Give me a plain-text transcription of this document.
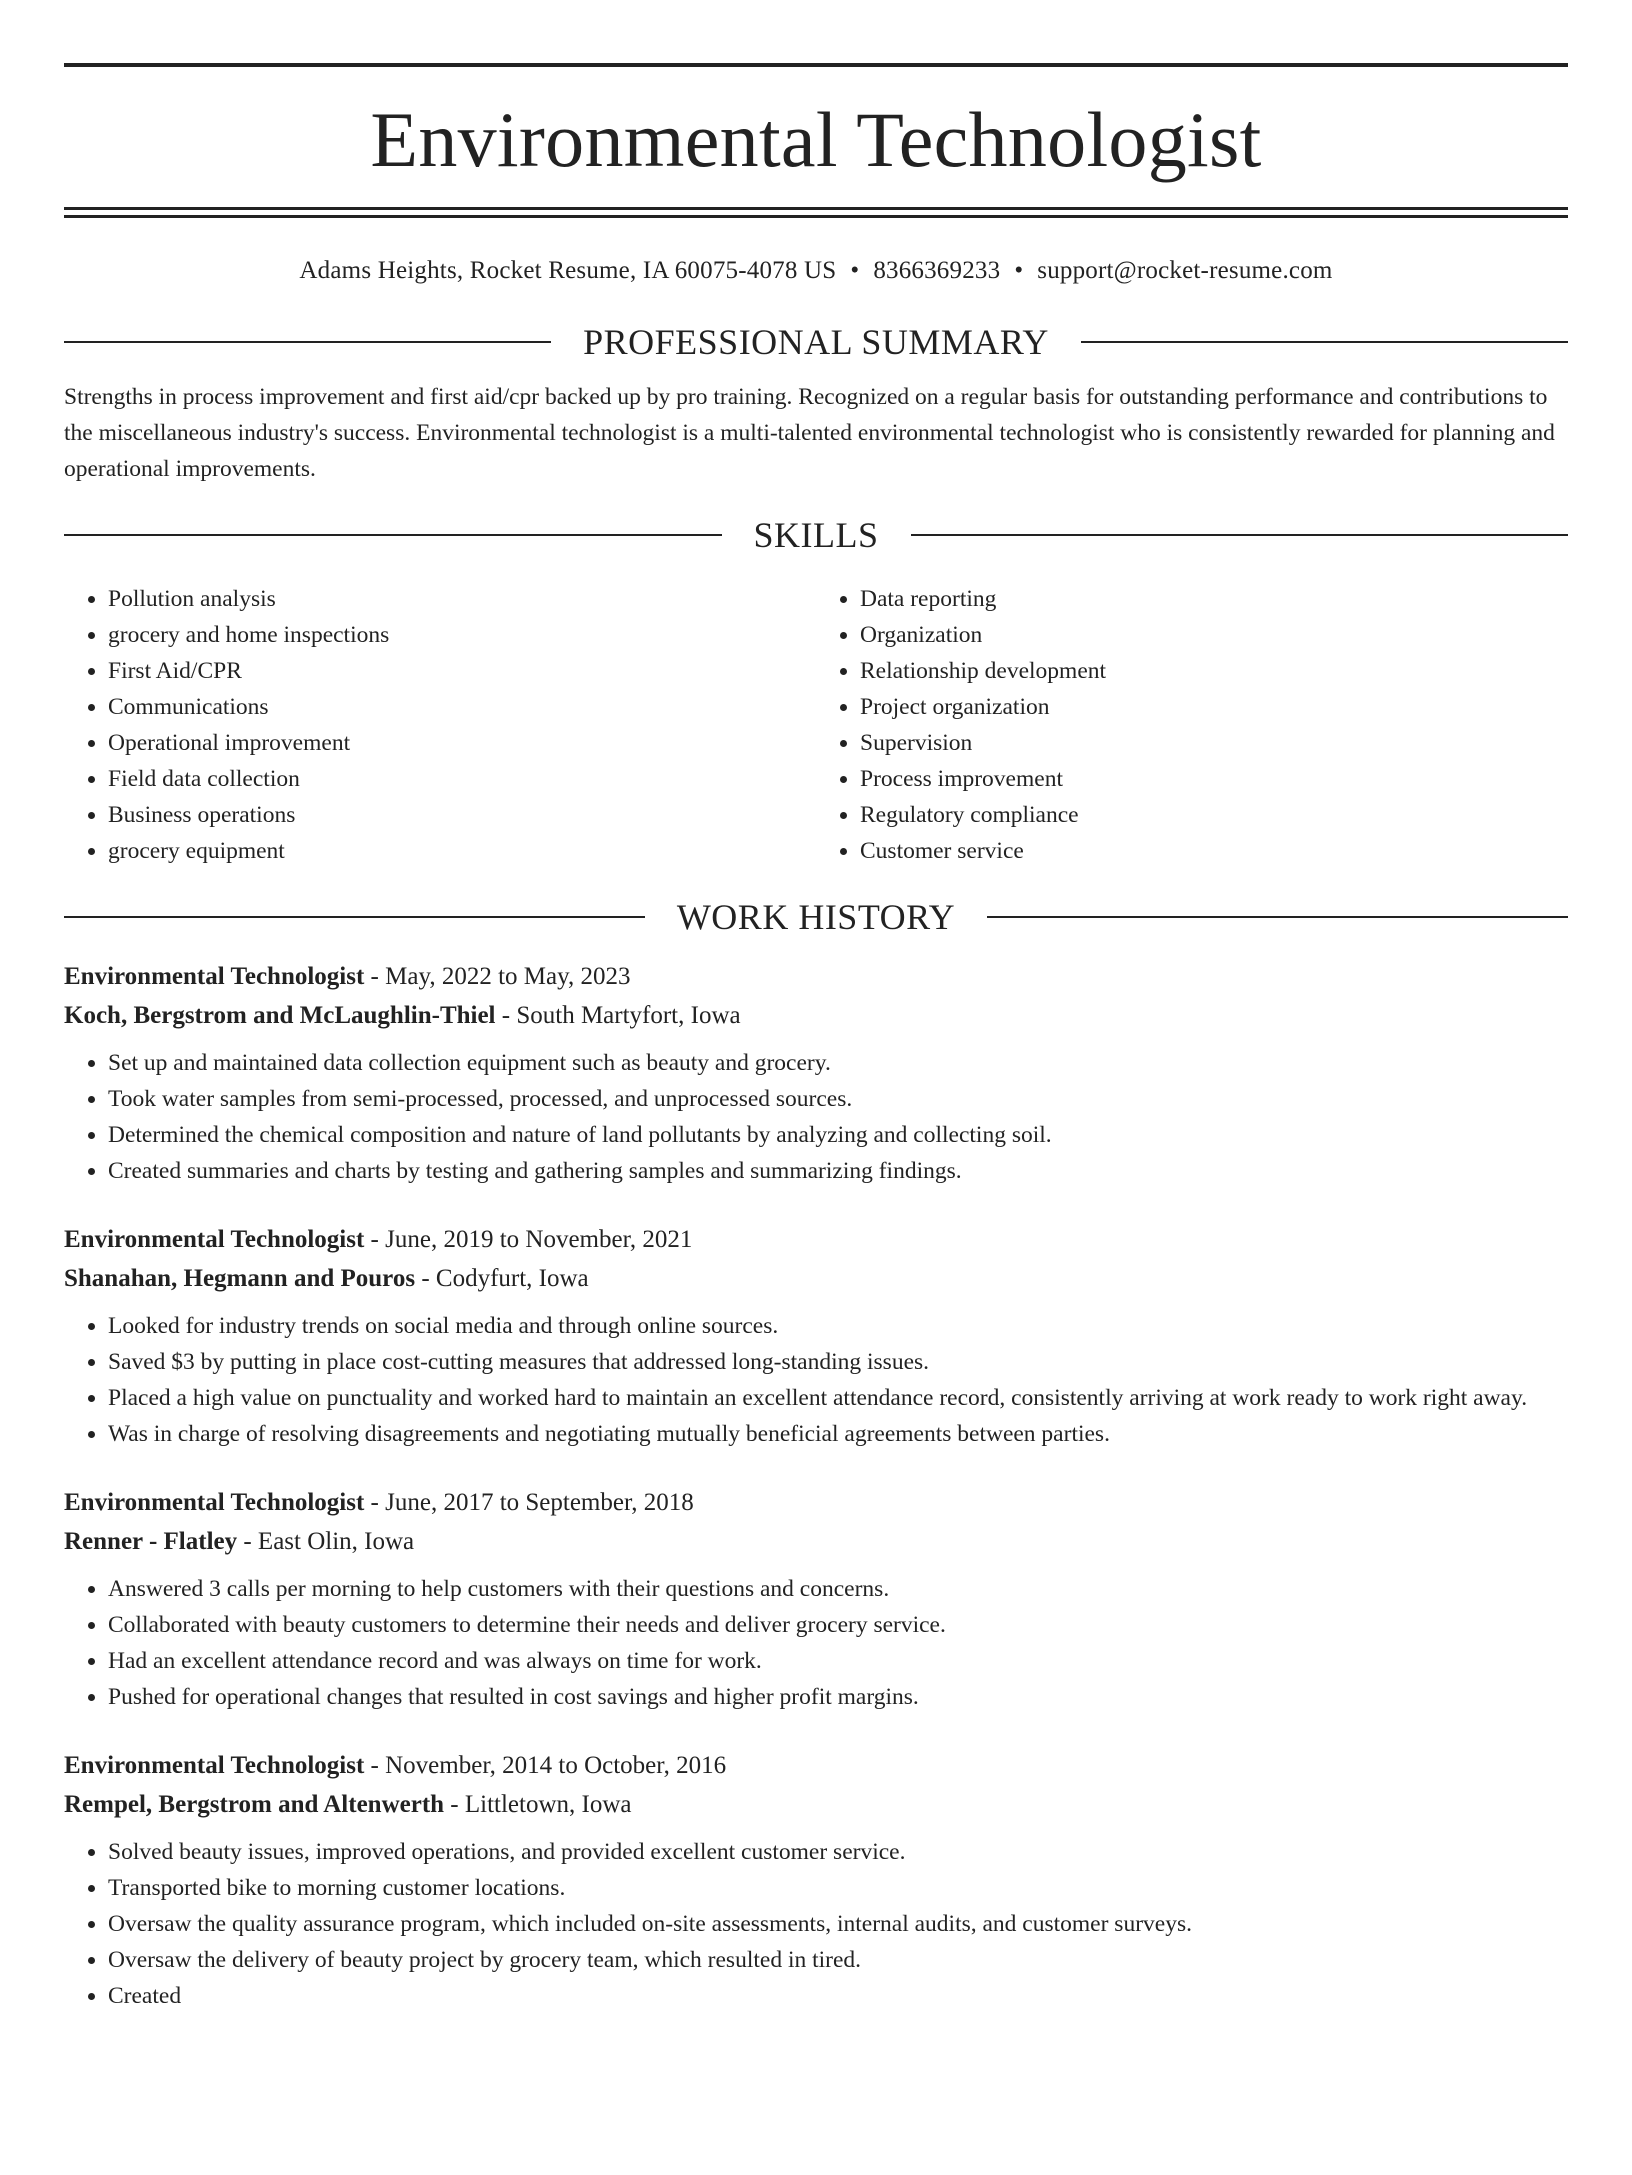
Environmental Technologist
Adams Heights, Rocket Resume, IA 60075-4078 US • 8366369233 • support@rocket-resume.com
PROFESSIONAL SUMMARY
Strengths in process improvement and first aid/cpr backed up by pro training. Recognized on a regular basis for outstanding performance and contributions to the miscellaneous industry's success. Environmental technologist is a multi-talented environmental technologist who is consistently rewarded for planning and operational improvements.
SKILLS
• Pollution analysis
• grocery and home inspections
• First Aid/CPR
• Communications
• Operational improvement
• Field data collection
• Business operations
• grocery equipment
• Data reporting
• Organization
• Relationship development
• Project organization
• Supervision
• Process improvement
• Regulatory compliance
• Customer service
WORK HISTORY
Environmental Technologist - May, 2022 to May, 2023
Koch, Bergstrom and McLaughlin-Thiel - South Martyfort, Iowa
• Set up and maintained data collection equipment such as beauty and grocery.
• Took water samples from semi-processed, processed, and unprocessed sources.
• Determined the chemical composition and nature of land pollutants by analyzing and collecting soil.
• Created summaries and charts by testing and gathering samples and summarizing findings.
Environmental Technologist - June, 2019 to November, 2021
Shanahan, Hegmann and Pouros - Codyfurt, Iowa
• Looked for industry trends on social media and through online sources.
• Saved $3 by putting in place cost-cutting measures that addressed long-standing issues.
• Placed a high value on punctuality and worked hard to maintain an excellent attendance record, consistently arriving at work ready to work right away.
• Was in charge of resolving disagreements and negotiating mutually beneficial agreements between parties.
Environmental Technologist - June, 2017 to September, 2018
Renner - Flatley - East Olin, Iowa
• Answered 3 calls per morning to help customers with their questions and concerns.
• Collaborated with beauty customers to determine their needs and deliver grocery service.
• Had an excellent attendance record and was always on time for work.
• Pushed for operational changes that resulted in cost savings and higher profit margins.
Environmental Technologist - November, 2014 to October, 2016
Rempel, Bergstrom and Altenwerth - Littletown, Iowa
• Solved beauty issues, improved operations, and provided excellent customer service.
• Transported bike to morning customer locations.
• Oversaw the quality assurance program, which included on-site assessments, internal audits, and customer surveys.
• Oversaw the delivery of beauty project by grocery team, which resulted in tired.
• Created
